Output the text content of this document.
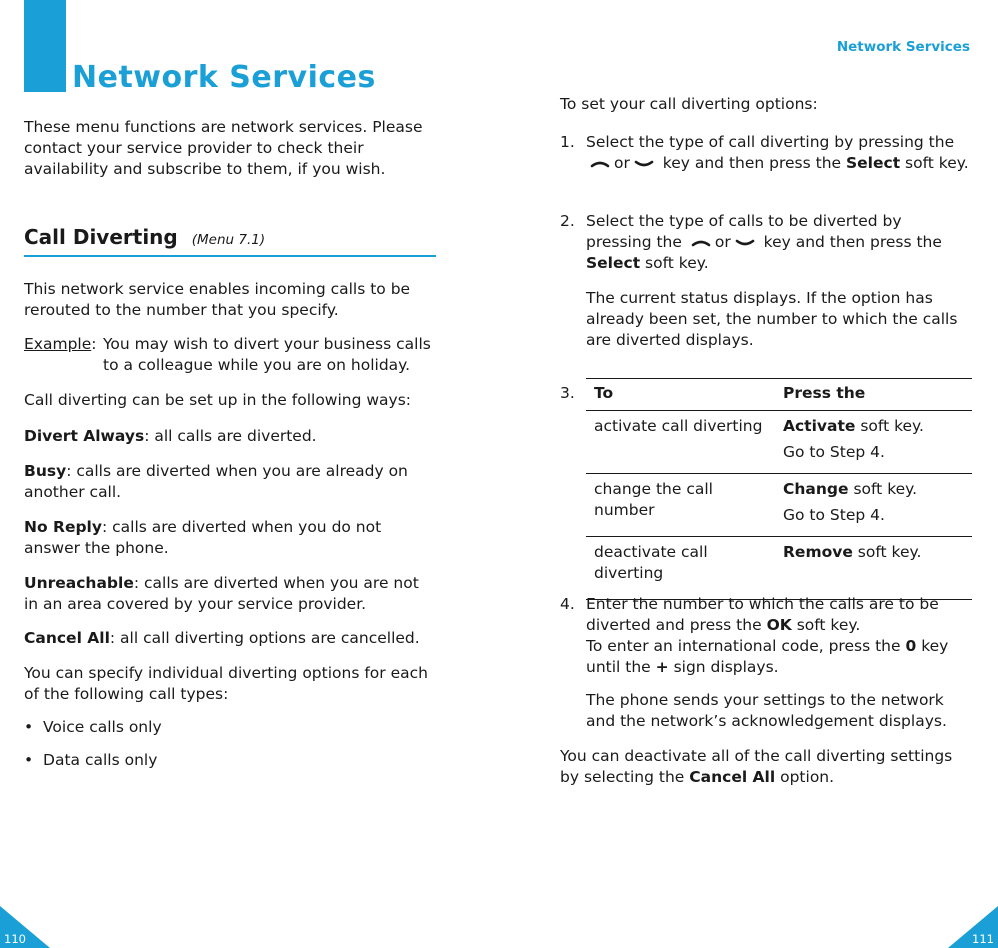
Network Services

These menu functions are network services. Please contact your service provider to check their availability and subscribe to them, if you wish.

Call Diverting (Menu 7.1)

This network service enables incoming calls to be rerouted to the number that you specify.

Example: You may wish to divert your business calls to a colleague while you are on holiday.

Call diverting can be set up in the following ways:

Divert Always: all calls are diverted.

Busy: calls are diverted when you are already on another call.

No Reply: calls are diverted when you do not answer the phone.

Unreachable: calls are diverted when you are not in an area covered by your service provider.

Cancel All: all call diverting options are cancelled.

You can specify individual diverting options for each of the following call types:

• Voice calls only
• Data calls only
110
Network Services

To set your call diverting options:

1. Select the type of call diverting by pressing the
or key and then press the Select soft key.

2. Select the type of calls to be diverted by pressing the or key and then press the
Select soft key.

The current status displays. If the option has already been set, the number to which the calls are diverted displays.

3.	To	Press the
activate call diverting	Activate soft key.
Go to Step 4.

change the call number	Change soft key.
Go to Step 4.

deactivate call diverting	Remove soft key.
4. Enter the number to which the calls are to be diverted and press the OK soft key.
To enter an international code, press the 0 key until the + sign displays.

The phone sends your settings to the network and the network’s acknowledgement displays.

You can deactivate all of the call diverting settings by selecting the Cancel All option.

111
